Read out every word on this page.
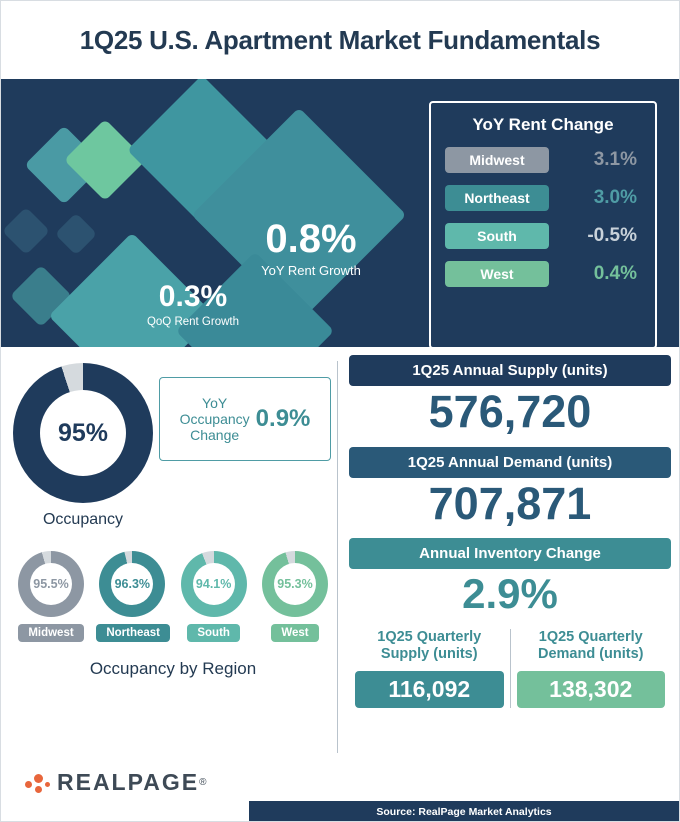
1Q25 U.S. Apartment Market Fundamentals
0.8%
YoY Rent Growth
0.3%
QoQ Rent Growth
YoY Rent Change
Midwest	3.1%
Northeast	3.0%
South	-0.5%
West	0.4%
95%
Occupancy
YoY
Occupancy
Change
0.9%
95.5%
Midwest
96.3%
Northeast
94.1%
South
95.3%
West
Occupancy by Region
1Q25 Annual Supply (units)
576,720
1Q25 Annual Demand (units)
707,871
Annual Inventory Change
2.9%
1Q25 Quarterly Supply (units)
116,092
1Q25 Quarterly Demand (units)
138,302
REALPAGE ®
Source: RealPage Market Analytics
